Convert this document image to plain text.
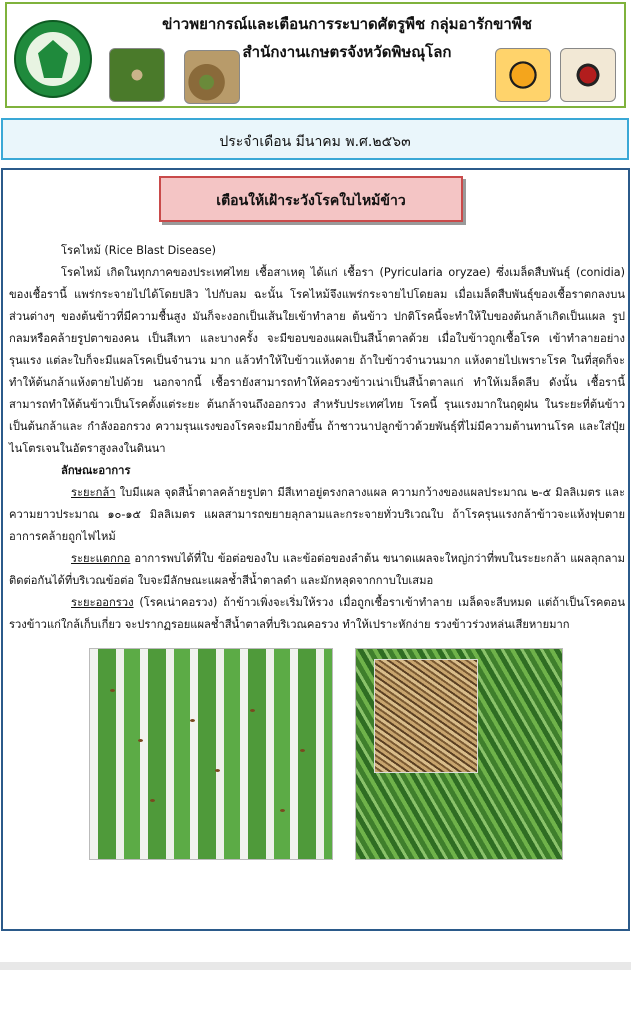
ข่าวพยากรณ์และเตือนการระบาดศัตรูพืช กลุ่มอารักขาพืช
สำนักงานเกษตรจังหวัดพิษณุโลก
ประจำเดือน มีนาคม พ.ศ.๒๕๖๓
เตือนให้เฝ้าระวังโรคใบไหม้ข้าว

โรคไหม้ (Rice Blast Disease)

โรคไหม้ เกิดในทุกภาคของประเทศไทย เชื้อสาเหตุ ได้แก่ เชื้อรา (Pyricularia oryzae) ซึ่งเมล็ดสืบพันธุ์ (conidia) ของเชื้อรานี้ แพร่กระจายไปได้โดยปลิว ไปกับลม ฉะนั้น โรคไหม้จึงแพร่กระจายไปโดยลม เมื่อเมล็ดสืบพันธุ์ของเชื้อราตกลงบนส่วนต่างๆ ของต้นข้าวที่มีความชื้นสูง มันก็จะงอกเป็นเส้นใยเข้าทำลาย ต้นข้าว ปกติโรคนี้จะทำให้ใบของต้นกล้าเกิดเป็นแผล รูปกลมหรือคล้ายรูปตาของคน เป็นสีเทา และบางครั้ง จะมีขอบของแผลเป็นสีน้ำตาลด้วย เมื่อใบข้าวถูกเชื้อโรค เข้าทำลายอย่างรุนแรง แต่ละใบก็จะมีแผลโรคเป็นจำนวน มาก แล้วทำให้ใบข้าวแห้งตาย ถ้าใบข้าวจำนวนมาก แห้งตายไปเพราะโรค ในที่สุดก็จะทำให้ต้นกล้าแห้งตายไปด้วย นอกจากนี้ เชื้อรายังสามารถทำให้คอรวงข้าวเน่าเป็นสีน้ำตาลแก่ ทำให้เมล็ดลีบ ดังนั้น เชื้อรานี้สามารถทำให้ต้นข้าวเป็นโรคตั้งแต่ระยะ ต้นกล้าจนถึงออกรวง สำหรับประเทศไทย โรคนี้ รุนแรงมากในฤดูฝน ในระยะที่ต้นข้าวเป็นต้นกล้าและ กำลังออกรวง ความรุนแรงของโรคจะมีมากยิ่งขึ้น ถ้าชาวนาปลูกข้าวด้วยพันธุ์ที่ไม่มีความต้านทานโรค และใส่ปุ๋ยไนโตรเจนในอัตราสูงลงในดินนา

ลักษณะอาการ

ระยะกล้า ใบมีแผล จุดสีน้ำตาลคล้ายรูปตา มีสีเทาอยู่ตรงกลางแผล ความกว้างของแผลประมาณ ๒-๕ มิลลิเมตร และความยาวประมาณ ๑๐-๑๕ มิลลิเมตร แผลสามารถขยายลุกลามและกระจายทั่วบริเวณใบ ถ้าโรครุนแรงกล้าข้าวจะแห้งฟุบตาย อาการคล้ายถูกไฟไหม้

ระยะแตกกอ อาการพบได้ที่ใบ ข้อต่อของใบ และข้อต่อของลำต้น ขนาดแผลจะใหญ่กว่าที่พบในระยะกล้า แผลลุกลามติดต่อกันได้ที่บริเวณข้อต่อ ใบจะมีลักษณะแผลช้ำสีน้ำตาลดำ และมักหลุดจากกาบใบเสมอ

ระยะออกรวง (โรคเน่าคอรวง) ถ้าข้าวเพิ่งจะเริ่มให้รวง เมื่อถูกเชื้อราเข้าทำลาย เมล็ดจะลีบหมด แต่ถ้าเป็นโรคตอนรวงข้าวแก่ใกล้เก็บเกี่ยว จะปรากฏรอยแผลช้ำสีน้ำตาลที่บริเวณคอรวง ทำให้เปราะหักง่าย รวงข้าวร่วงหล่นเสียหายมาก
